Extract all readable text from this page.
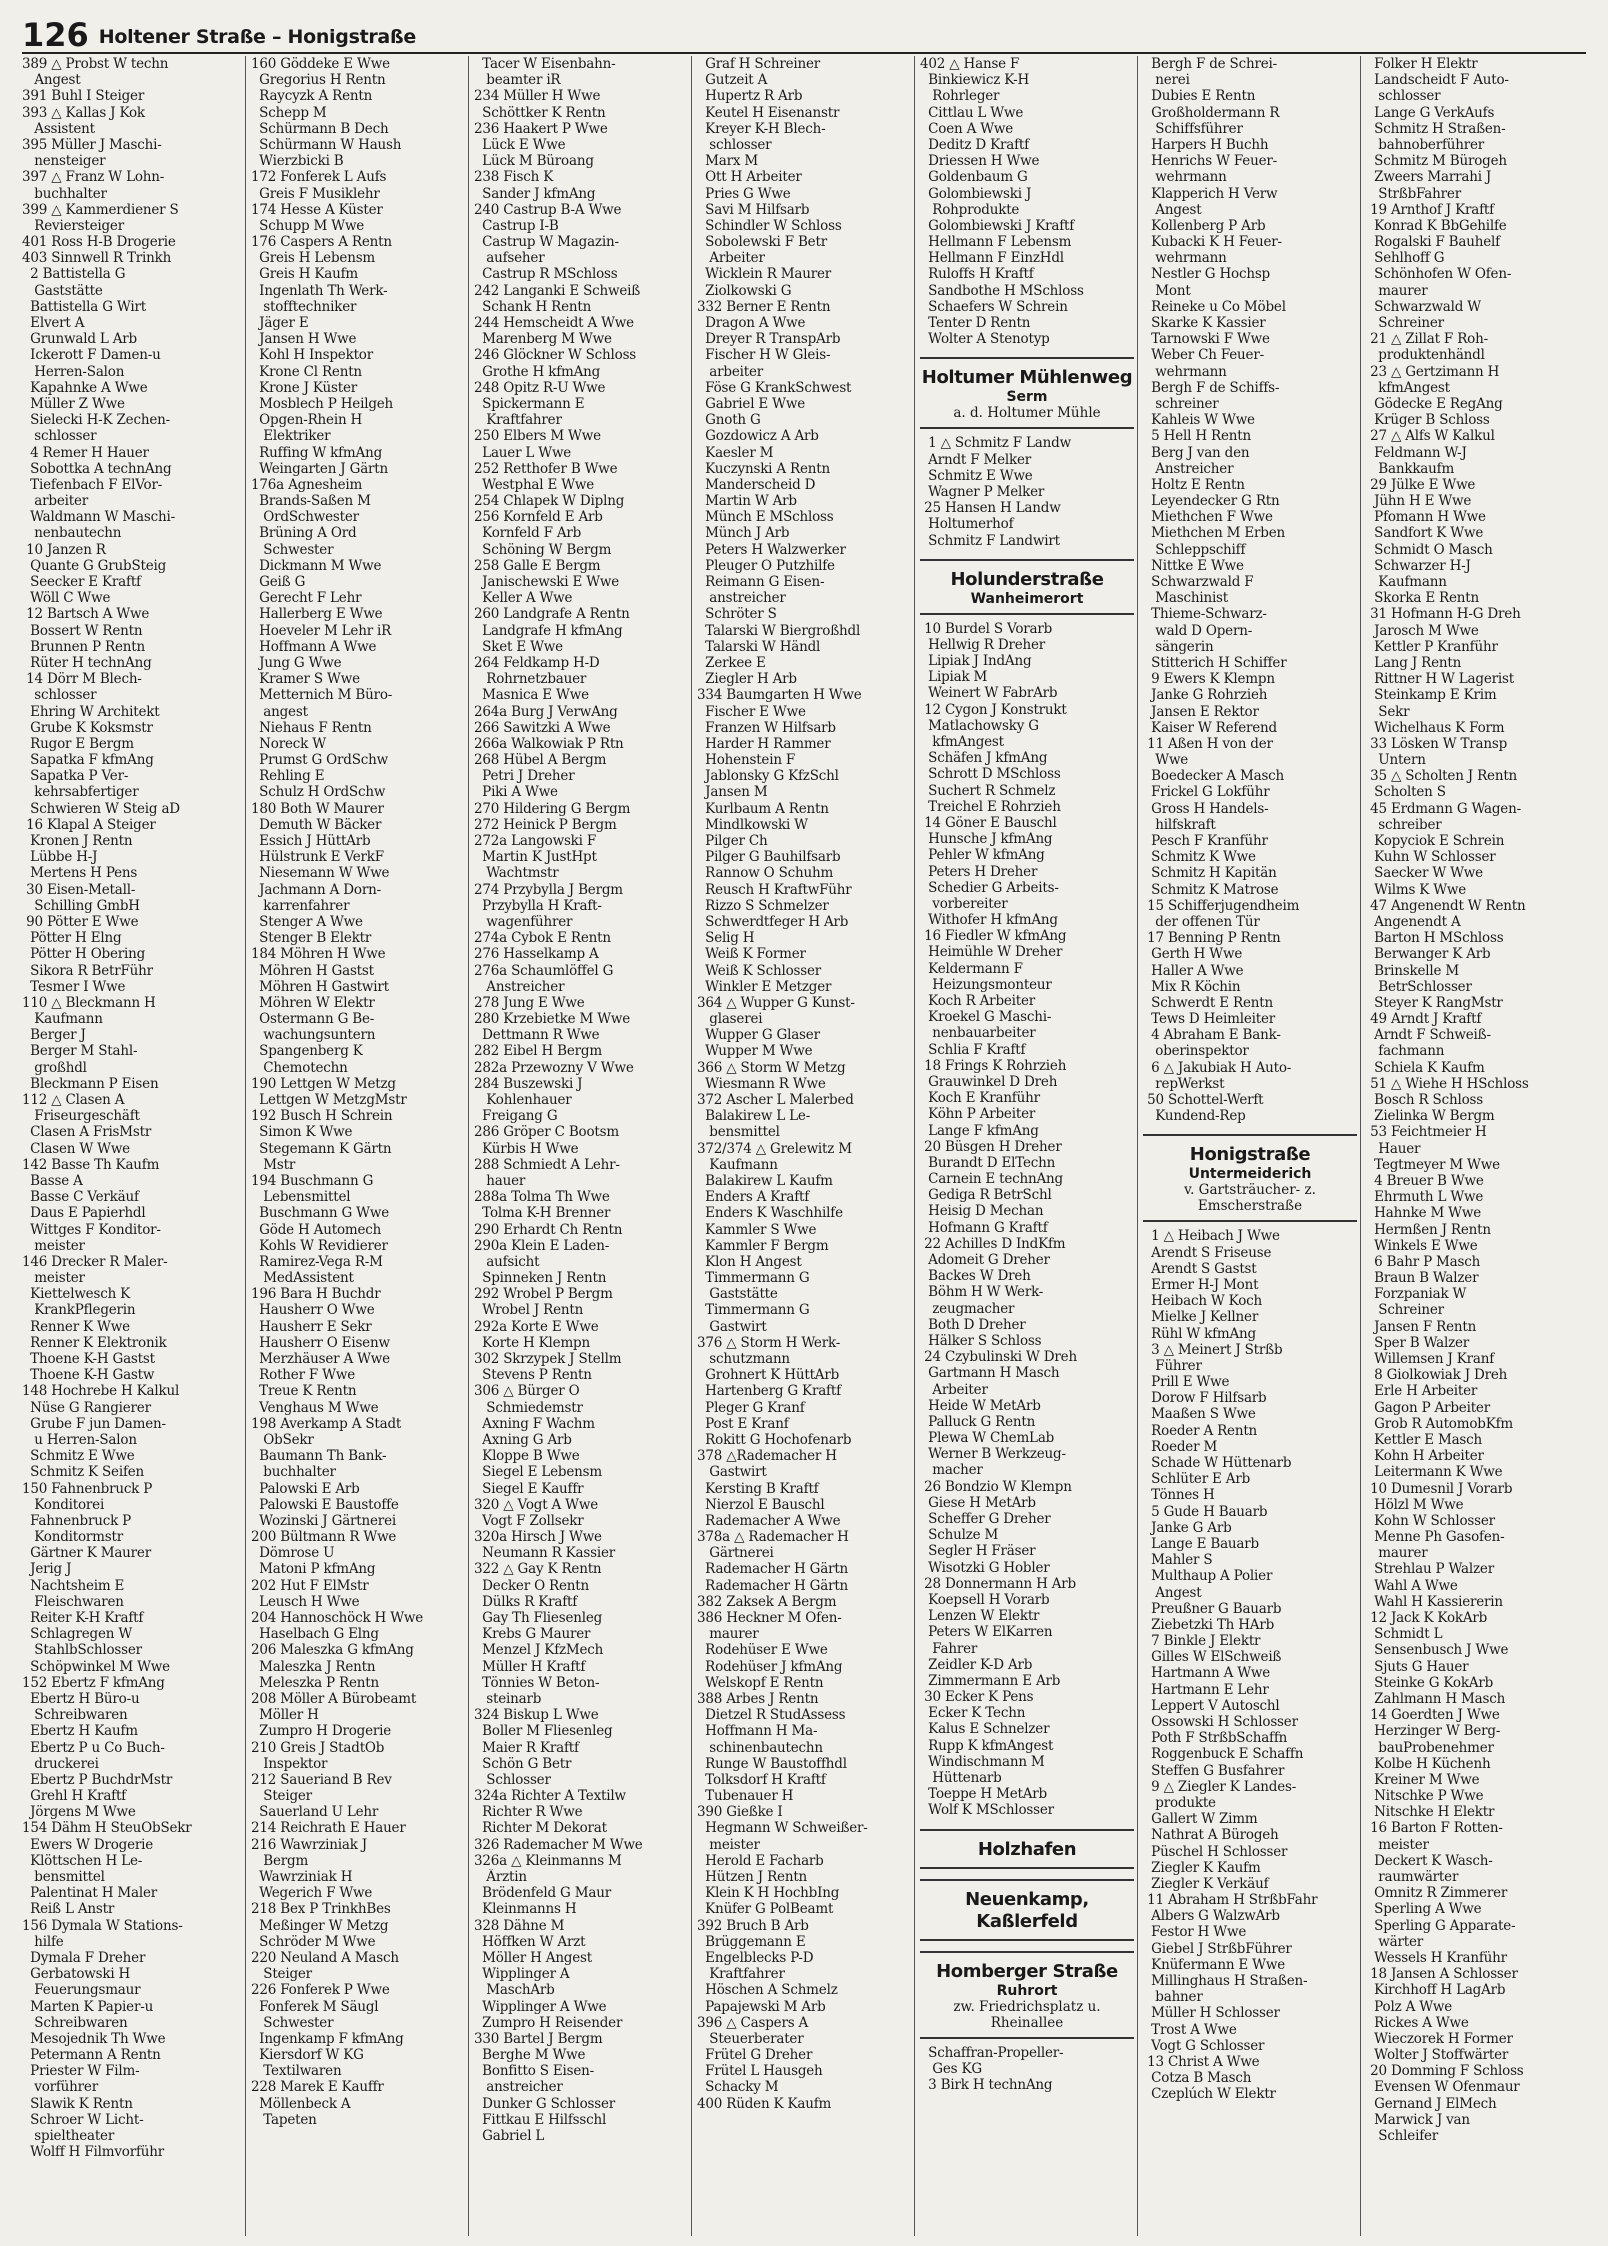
126 Holtener Straße – Honigstraße
389 △ Probst W techn
Angest
391 Buhl I Steiger
393 △ Kallas J Kok
Assistent
395 Müller J Maschi-
nensteiger
397 △ Franz W Lohn-
buchhalter
399 △ Kammerdiener S
Reviersteiger
401 Ross H-B Drogerie
403 Sinnwell R Trinkh
2 Battistella G
Gaststätte
Battistella G Wirt
Elvert A
Grunwald L Arb
Ickerott F Damen-u
Herren-Salon
Kapahnke A Wwe
Müller Z Wwe
Sielecki H-K Zechen-
schlosser
4 Remer H Hauer
Sobottka A technAng
Tiefenbach F ElVor-
arbeiter
Waldmann W Maschi-
nenbautechn
10 Janzen R
Quante G GrubSteig
Seecker E Kraftf
Wöll C Wwe
12 Bartsch A Wwe
Bossert W Rentn
Brunnen P Rentn
Rüter H technAng
14 Dörr M Blech-
schlosser
Ehring W Architekt
Grube K Koksmstr
Rugor E Bergm
Sapatka F kfmAng
Sapatka P Ver-
kehrsabfertiger
Schwieren W Steig aD
16 Klapal A Steiger
Kronen J Rentn
Lübbe H-J
Mertens H Pens
30 Eisen-Metall-
Schilling GmbH
90 Pötter E Wwe
Pötter H Elng
Pötter H Obering
Sikora R BetrFühr
Tesmer I Wwe
110 △ Bleckmann H
Kaufmann
Berger J
Berger M Stahl-
großhdl
Bleckmann P Eisen
112 △ Clasen A
Friseurgeschäft
Clasen A FrisMstr
Clasen W Wwe
142 Basse Th Kaufm
Basse A
Basse C Verkäuf
Daus E Papierhdl
Wittges F Konditor-
meister
146 Drecker R Maler-
meister
Kiettelwesch K
KrankPflegerin
Renner K Wwe
Renner K Elektronik
Thoene K-H Gastst
Thoene K-H Gastw
148 Hochrebe H Kalkul
Nüse G Rangierer
Grube F jun Damen-
u Herren-Salon
Schmitz E Wwe
Schmitz K Seifen
150 Fahnenbruck P
Konditorei
Fahnenbruck P
Konditormstr
Gärtner K Maurer
Jerig J
Nachtsheim E
Fleischwaren
Reiter K-H Kraftf
Schlagregen W
StahlbSchlosser
Schöpwinkel M Wwe
152 Ebertz F kfmAng
Ebertz H Büro-u
Schreibwaren
Ebertz H Kaufm
Ebertz P u Co Buch-
druckerei
Ebertz P BuchdrMstr
Grehl H Kraftf
Jörgens M Wwe
154 Dähm H SteuObSekr
Ewers W Drogerie
Klöttschen H Le-
bensmittel
Palentinat H Maler
Reiß L Anstr
156 Dymala W Stations-
hilfe
Dymala F Dreher
Gerbatowski H
Feuerungsmaur
Marten K Papier-u
Schreibwaren
Mesojednik Th Wwe
Petermann A Rentn
Priester W Film-
vorführer
Slawik K Rentn
Schroer W Licht-
spieltheater
Wolff H Filmvorführ
160 Göddeke E Wwe
Gregorius H Rentn
Raycyzk A Rentn
Schepp M
Schürmann B Dech
Schürmann W Haush
Wierzbicki B
172 Fonferek L Aufs
Greis F Musiklehr
174 Hesse A Küster
Schupp M Wwe
176 Caspers A Rentn
Greis H Lebensm
Greis H Kaufm
Ingenlath Th Werk-
stofftechniker
Jäger E
Jansen H Wwe
Kohl H Inspektor
Krone Cl Rentn
Krone J Küster
Mosblech P Heilgeh
Opgen-Rhein H
Elektriker
Ruffing W kfmAng
Weingarten J Gärtn
176a Agnesheim
Brands-Saßen M
OrdSchwester
Brüning A Ord
Schwester
Dickmann M Wwe
Geiß G
Gerecht F Lehr
Hallerberg E Wwe
Hoeveler M Lehr iR
Hoffmann A Wwe
Jung G Wwe
Kramer S Wwe
Metternich M Büro-
angest
Niehaus F Rentn
Noreck W
Prumst G OrdSchw
Rehling E
Schulz H OrdSchw
180 Both W Maurer
Demuth W Bäcker
Essich J HüttArb
Hülstrunk E VerkF
Niesemann W Wwe
Jachmann A Dorn-
karrenfahrer
Stenger A Wwe
Stenger B Elektr
184 Möhren H Wwe
Möhren H Gastst
Möhren H Gastwirt
Möhren W Elektr
Ostermann G Be-
wachungsuntern
Spangenberg K
Chemotechn
190 Lettgen W Metzg
Lettgen W MetzgMstr
192 Busch H Schrein
Simon K Wwe
Stegemann K Gärtn
Mstr
194 Buschmann G
Lebensmittel
Buschmann G Wwe
Göde H Automech
Kohls W Revidierer
Ramirez-Vega R-M
MedAssistent
196 Bara H Buchdr
Hausherr O Wwe
Hausherr E Sekr
Hausherr O Eisenw
Merzhäuser A Wwe
Rother F Wwe
Treue K Rentn
Venghaus M Wwe
198 Averkamp A Stadt
ObSekr
Baumann Th Bank-
buchhalter
Palowski E Arb
Palowski E Baustoffe
Wozinski J Gärtnerei
200 Bültmann R Wwe
Dömrose U
Matoni P kfmAng
202 Hut F ElMstr
Leusch H Wwe
204 Hannoschöck H Wwe
Haselbach G Elng
206 Maleszka G kfmAng
Maleszka J Rentn
Meleszka P Rentn
208 Möller A Bürobeamt
Möller H
Zumpro H Drogerie
210 Greis J StadtOb
Inspektor
212 Saueriand B Rev
Steiger
Sauerland U Lehr
214 Reichrath E Hauer
216 Wawrziniak J
Bergm
Wawrziniak H
Wegerich F Wwe
218 Bex P TrinkhBes
Meßinger W Metzg
Schröder M Wwe
220 Neuland A Masch
Steiger
226 Fonferek P Wwe
Fonferek M Säugl
Schwester
Ingenkamp F kfmAng
Kiersdorf W KG
Textilwaren
228 Marek E Kauffr
Möllenbeck A
Tapeten
Tacer W Eisenbahn-
beamter iR
234 Müller H Wwe
Schöttker K Rentn
236 Haakert P Wwe
Lück E Wwe
Lück M Büroang
238 Fisch K
Sander J kfmAng
240 Castrup B-A Wwe
Castrup I-B
Castrup W Magazin-
aufseher
Castrup R MSchloss
242 Langanki E Schweiß
Schank H Rentn
244 Hemscheidt A Wwe
Marenberg M Wwe
246 Glöckner W Schloss
Grothe H kfmAng
248 Opitz R-U Wwe
Spickermann E
Kraftfahrer
250 Elbers M Wwe
Lauer L Wwe
252 Retthofer B Wwe
Westphal E Wwe
254 Chlapek W Diplng
256 Kornfeld E Arb
Kornfeld F Arb
Schöning W Bergm
258 Galle E Bergm
Janischewski E Wwe
Keller A Wwe
260 Landgrafe A Rentn
Landgrafe H kfmAng
Sket E Wwe
264 Feldkamp H-D
Rohrnetzbauer
Masnica E Wwe
264a Burg J VerwAng
266 Sawitzki A Wwe
266a Walkowiak P Rtn
268 Hübel A Bergm
Petri J Dreher
Piki A Wwe
270 Hildering G Bergm
272 Heinick P Bergm
272a Langowski F
Martin K JustHpt
Wachtmstr
274 Przybylla J Bergm
Przybylla H Kraft-
wagenführer
274a Cybok E Rentn
276 Hasselkamp A
276a Schaumlöffel G
Anstreicher
278 Jung E Wwe
280 Krzebietke M Wwe
Dettmann R Wwe
282 Eibel H Bergm
282a Przewozny V Wwe
284 Buszewski J
Kohlenhauer
Freigang G
286 Gröper C Bootsm
Kürbis H Wwe
288 Schmiedt A Lehr-
hauer
288a Tolma Th Wwe
Tolma K-H Brenner
290 Erhardt Ch Rentn
290a Klein E Laden-
aufsicht
Spinneken J Rentn
292 Wrobel P Bergm
Wrobel J Rentn
292a Korte E Wwe
Korte H Klempn
302 Skrzypek J Stellm
Stevens P Rentn
306 △ Bürger O
Schmiedemstr
Axning F Wachm
Axning G Arb
Kloppe B Wwe
Siegel E Lebensm
Siegel E Kauffr
320 △ Vogt A Wwe
Vogt F Zollsekr
320a Hirsch J Wwe
Neumann R Kassier
322 △ Gay K Rentn
Decker O Rentn
Dülks R Kraftf
Gay Th Fliesenleg
Krebs G Maurer
Menzel J KfzMech
Müller H Kraftf
Tönnies W Beton-
steinarb
324 Biskup L Wwe
Boller M Fliesenleg
Maier R Kraftf
Schön G Betr
Schlosser
324a Richter A Textilw
Richter R Wwe
Richter M Dekorat
326 Rademacher M Wwe
326a △ Kleinmanns M
Ärztin
Brödenfeld G Maur
Kleinmanns H
328 Dähne M
Höffken W Arzt
Möller H Angest
Wipplinger A
MaschArb
Wipplinger A Wwe
Zumpro H Reisender
330 Bartel J Bergm
Berghe M Wwe
Bonfitto S Eisen-
anstreicher
Dunker G Schlosser
Fittkau E Hilfsschl
Gabriel L
Graf H Schreiner
Gutzeit A
Hupertz R Arb
Keutel H Eisenanstr
Kreyer K-H Blech-
schlosser
Marx M
Ott H Arbeiter
Pries G Wwe
Savi M Hilfsarb
Schindler W Schloss
Sobolewski F Betr
Arbeiter
Wicklein R Maurer
Ziolkowski G
332 Berner E Rentn
Dragon A Wwe
Dreyer R TranspArb
Fischer H W Gleis-
arbeiter
Föse G KrankSchwest
Gabriel E Wwe
Gnoth G
Gozdowicz A Arb
Kaesler M
Kuczynski A Rentn
Manderscheid D
Martin W Arb
Münch E MSchloss
Münch J Arb
Peters H Walzwerker
Pleuger O Putzhilfe
Reimann G Eisen-
anstreicher
Schröter S
Talarski W Biergroßhdl
Talarski W Händl
Zerkee E
Ziegler H Arb
334 Baumgarten H Wwe
Fischer E Wwe
Franzen W Hilfsarb
Harder H Rammer
Hohenstein F
Jablonsky G KfzSchl
Jansen M
Kurlbaum A Rentn
Mindlkowski W
Pilger Ch
Pilger G Bauhilfsarb
Rannow O Schuhm
Reusch H KraftwFühr
Rizzo S Schmelzer
Schwerdtfeger H Arb
Selig H
Weiß K Former
Weiß K Schlosser
Winkler E Metzger
364 △ Wupper G Kunst-
glaserei
Wupper G Glaser
Wupper M Wwe
366 △ Storm W Metzg
Wiesmann R Wwe
372 Ascher L Malerbed
Balakirew L Le-
bensmittel
372/374 △ Grelewitz M
Kaufmann
Balakirew L Kaufm
Enders A Kraftf
Enders K Waschhilfe
Kammler S Wwe
Kammler F Bergm
Klon H Angest
Timmermann G
Gaststätte
Timmermann G
Gastwirt
376 △ Storm H Werk-
schutzmann
Grohnert K HüttArb
Hartenberg G Kraftf
Pleger G Kranf
Post E Kranf
Rokitt G Hochofenarb
378 △Rademacher H
Gastwirt
Kersting B Kraftf
Nierzol E Bauschl
Rademacher A Wwe
378a △ Rademacher H
Gärtnerei
Rademacher H Gärtn
Rademacher H Gärtn
382 Zaksek A Bergm
386 Heckner M Ofen-
maurer
Rodehüser E Wwe
Rodehüser J kfmAng
Welskopf E Rentn
388 Arbes J Rentn
Dietzel R StudAssess
Hoffmann H Ma-
schinenbautechn
Runge W Baustoffhdl
Tolksdorf H Kraftf
Tubenauer H
390 Gießke I
Hegmann W Schweißer-
meister
Herold E Facharb
Hützen J Rentn
Klein K H HochbIng
Knüfer G PolBeamt
392 Bruch B Arb
Brüggemann E
Engelblecks P-D
Kraftfahrer
Höschen A Schmelz
Papajewski M Arb
396 △ Caspers A
Steuerberater
Frütel G Dreher
Frütel L Hausgeh
Schacky M
400 Rüden K Kaufm
402 △ Hanse F
Binkiewicz K-H
Rohrleger
Cittlau L Wwe
Coen A Wwe
Deditz D Kraftf
Driessen H Wwe
Goldenbaum G
Golombiewski J
Rohprodukte
Golombiewski J Kraftf
Hellmann F Lebensm
Hellmann F EinzHdl
Ruloffs H Kraftf
Sandbothe H MSchloss
Schaefers W Schrein
Tenter D Rentn
Wolter A Stenotyp
Holtumer Mühlenweg
Serm
a. d. Holtumer Mühle
1 △ Schmitz F Landw
Arndt F Melker
Schmitz E Wwe
Wagner P Melker
25 Hansen H Landw
Holtumerhof
Schmitz F Landwirt
Holunderstraße
Wanheimerort
10 Burdel S Vorarb
Hellwig R Dreher
Lipiak J IndAng
Lipiak M
Weinert W FabrArb
12 Cygon J Konstrukt
Matlachowsky G
kfmAngest
Schäfen J kfmAng
Schrott D MSchloss
Suchert R Schmelz
Treichel E Rohrzieh
14 Göner E Bauschl
Hunsche J kfmAng
Pehler W kfmAng
Peters H Dreher
Schedier G Arbeits-
vorbereiter
Withofer H kfmAng
16 Fiedler W kfmAng
Heimühle W Dreher
Keldermann F
Heizungsmonteur
Koch R Arbeiter
Kroekel G Maschi-
nenbauarbeiter
Schlia F Kraftf
18 Frings K Rohrzieh
Grauwinkel D Dreh
Koch E Kranführ
Köhn P Arbeiter
Lange F kfmAng
20 Büsgen H Dreher
Burandt D ElTechn
Carnein E technAng
Gediga R BetrSchl
Heisig D Mechan
Hofmann G Kraftf
22 Achilles D IndKfm
Adomeit G Dreher
Backes W Dreh
Böhm H W Werk-
zeugmacher
Both D Dreher
Hälker S Schloss
24 Czybulinski W Dreh
Gartmann H Masch
Arbeiter
Heide W MetArb
Palluck G Rentn
Plewa W ChemLab
Werner B Werkzeug-
macher
26 Bondzio W Klempn
Giese H MetArb
Scheffer G Dreher
Schulze M
Segler H Fräser
Wisotzki G Hobler
28 Donnermann H Arb
Koepsell H Vorarb
Lenzen W Elektr
Peters W ElKarren
Fahrer
Zeidler K-D Arb
Zimmermann E Arb
30 Ecker K Pens
Ecker K Techn
Kalus E Schnelzer
Rupp K kfmAngest
Windischmann M
Hüttenarb
Toeppe H MetArb
Wolf K MSchlosser
Holzhafen
Neuenkamp, Kaßlerfeld
Homberger Straße
Ruhrort
zw. Friedrichsplatz u. Rheinallee
Schaffran-Propeller-
Ges KG
3 Birk H technAng
Bergh F de Schrei-
nerei
Dubies E Rentn
Großholdermann R
Schiffsführer
Harpers H Buchh
Henrichs W Feuer-
wehrmann
Klapperich H Verw
Angest
Kollenberg P Arb
Kubacki K H Feuer-
wehrmann
Nestler G Hochsp
Mont
Reineke u Co Möbel
Skarke K Kassier
Tarnowski F Wwe
Weber Ch Feuer-
wehrmann
Bergh F de Schiffs-
schreiner
Kahleis W Wwe
5 Hell H Rentn
Berg J van den
Anstreicher
Holtz E Rentn
Leyendecker G Rtn
Miethchen F Wwe
Miethchen M Erben
Schleppschiff
Nittke E Wwe
Schwarzwald F
Maschinist
Thieme-Schwarz-
wald D Opern-
sängerin
Stitterich H Schiffer
9 Ewers K Klempn
Janke G Rohrzieh
Jansen E Rektor
Kaiser W Referend
11 Aßen H von der
Wwe
Boedecker A Masch
Frickel G Lokführ
Gross H Handels-
hilfskraft
Pesch F Kranführ
Schmitz K Wwe
Schmitz H Kapitän
Schmitz K Matrose
15 Schifferjugendheim
der offenen Tür
17 Benning P Rentn
Gerth H Wwe
Haller A Wwe
Mix R Köchin
Schwerdt E Rentn
Tews D Heimleiter
4 Abraham E Bank-
oberinspektor
6 △ Jakubiak H Auto-
repWerkst
50 Schottel-Werft
Kundend-Rep
Honigstraße
Untermeiderich
v. Gartsträucher- z. Emscherstraße
1 △ Heibach J Wwe
Arendt S Friseuse
Arendt S Gastst
Ermer H-J Mont
Heibach W Koch
Mielke J Kellner
Rühl W kfmAng
3 △ Meinert J Strßb
Führer
Prill E Wwe
Dorow F Hilfsarb
Maaßen S Wwe
Roeder A Rentn
Roeder M
Schade W Hüttenarb
Schlüter E Arb
Tönnes H
5 Gude H Bauarb
Janke G Arb
Lange E Bauarb
Mahler S
Multhaup A Polier
Angest
Preußner G Bauarb
Ziebetzki Th HArb
7 Binkle J Elektr
Gilles W ElSchweiß
Hartmann A Wwe
Hartmann E Lehr
Leppert V Autoschl
Ossowski H Schlosser
Poth F StrßbSchaffn
Roggenbuck E Schaffn
Steffen G Busfahrer
9 △ Ziegler K Landes-
produkte
Gallert W Zimm
Nathrat A Bürogeh
Püschel H Schlosser
Ziegler K Kaufm
Ziegler K Verkäuf
11 Abraham H StrßbFahr
Albers G WalzwArb
Festor H Wwe
Giebel J StrßbFührer
Knüfermann E Wwe
Millinghaus H Straßen-
bahner
Müller H Schlosser
Trost A Wwe
Vogt G Schlosser
13 Christ A Wwe
Cotza B Masch
Czeplúch W Elektr
Folker H Elektr
Landscheidt F Auto-
schlosser
Lange G VerkAufs
Schmitz H Straßen-
bahnoberführer
Schmitz M Bürogeh
Zweers Marrahi J
StrßbFahrer
19 Arnthof J Kraftf
Konrad K BbGehilfe
Rogalski F Bauhelf
Sehlhoff G
Schönhofen W Ofen-
maurer
Schwarzwald W
Schreiner
21 △ Zillat F Roh-
produktenhändl
23 △ Gertzimann H
kfmAngest
Gödecke E RegAng
Krüger B Schloss
27 △ Alfs W Kalkul
Feldmann W-J
Bankkaufm
29 Jülke E Wwe
Jühn H E Wwe
Pfomann H Wwe
Sandfort K Wwe
Schmidt O Masch
Schwarzer H-J
Kaufmann
Skorka E Rentn
31 Hofmann H-G Dreh
Jarosch M Wwe
Kettler P Kranführ
Lang J Rentn
Rittner H W Lagerist
Steinkamp E Krim
Sekr
Wichelhaus K Form
33 Lösken W Transp
Untern
35 △ Scholten J Rentn
Scholten S
45 Erdmann G Wagen-
schreiber
Kopyciok E Schrein
Kuhn W Schlosser
Saecker W Wwe
Wilms K Wwe
47 Angenendt W Rentn
Angenendt A
Barton H MSchloss
Berwanger K Arb
Brinskelle M
BetrSchlosser
Steyer K RangMstr
49 Arndt J Kraftf
Arndt F Schweiß-
fachmann
Schiela K Kaufm
51 △ Wiehe H HSchloss
Bosch R Schloss
Zielinka W Bergm
53 Feichtmeier H
Hauer
Tegtmeyer M Wwe
4 Breuer B Wwe
Ehrmuth L Wwe
Hahnke M Wwe
Hermßen J Rentn
Winkels E Wwe
6 Bahr P Masch
Braun B Walzer
Forzpaniak W
Schreiner
Jansen F Rentn
Sper B Walzer
Willemsen J Kranf
8 Giolkowiak J Dreh
Erle H Arbeiter
Gagon P Arbeiter
Grob R AutomobKfm
Kettler E Masch
Kohn H Arbeiter
Leitermann K Wwe
10 Dumesnil J Vorarb
Hölzl M Wwe
Kohn W Schlosser
Menne Ph Gasofen-
maurer
Strehlau P Walzer
Wahl A Wwe
Wahl H Kassiererin
12 Jack K KokArb
Schmidt L
Sensenbusch J Wwe
Sjuts G Hauer
Steinke G KokArb
Zahlmann H Masch
14 Goerdten J Wwe
Herzinger W Berg-
bauProbenehmer
Kolbe H Küchenh
Kreiner M Wwe
Nitschke P Wwe
Nitschke H Elektr
16 Barton F Rotten-
meister
Deckert K Wasch-
raumwärter
Omnitz R Zimmerer
Sperling A Wwe
Sperling G Apparate-
wärter
Wessels H Kranführ
18 Jansen A Schlosser
Kirchhoff H LagArb
Polz A Wwe
Rickes A Wwe
Wieczorek H Former
Wolter J Stoffwärter
20 Domming F Schloss
Evensen W Ofenmaur
Gernand J ElMech
Marwick J van
Schleifer
